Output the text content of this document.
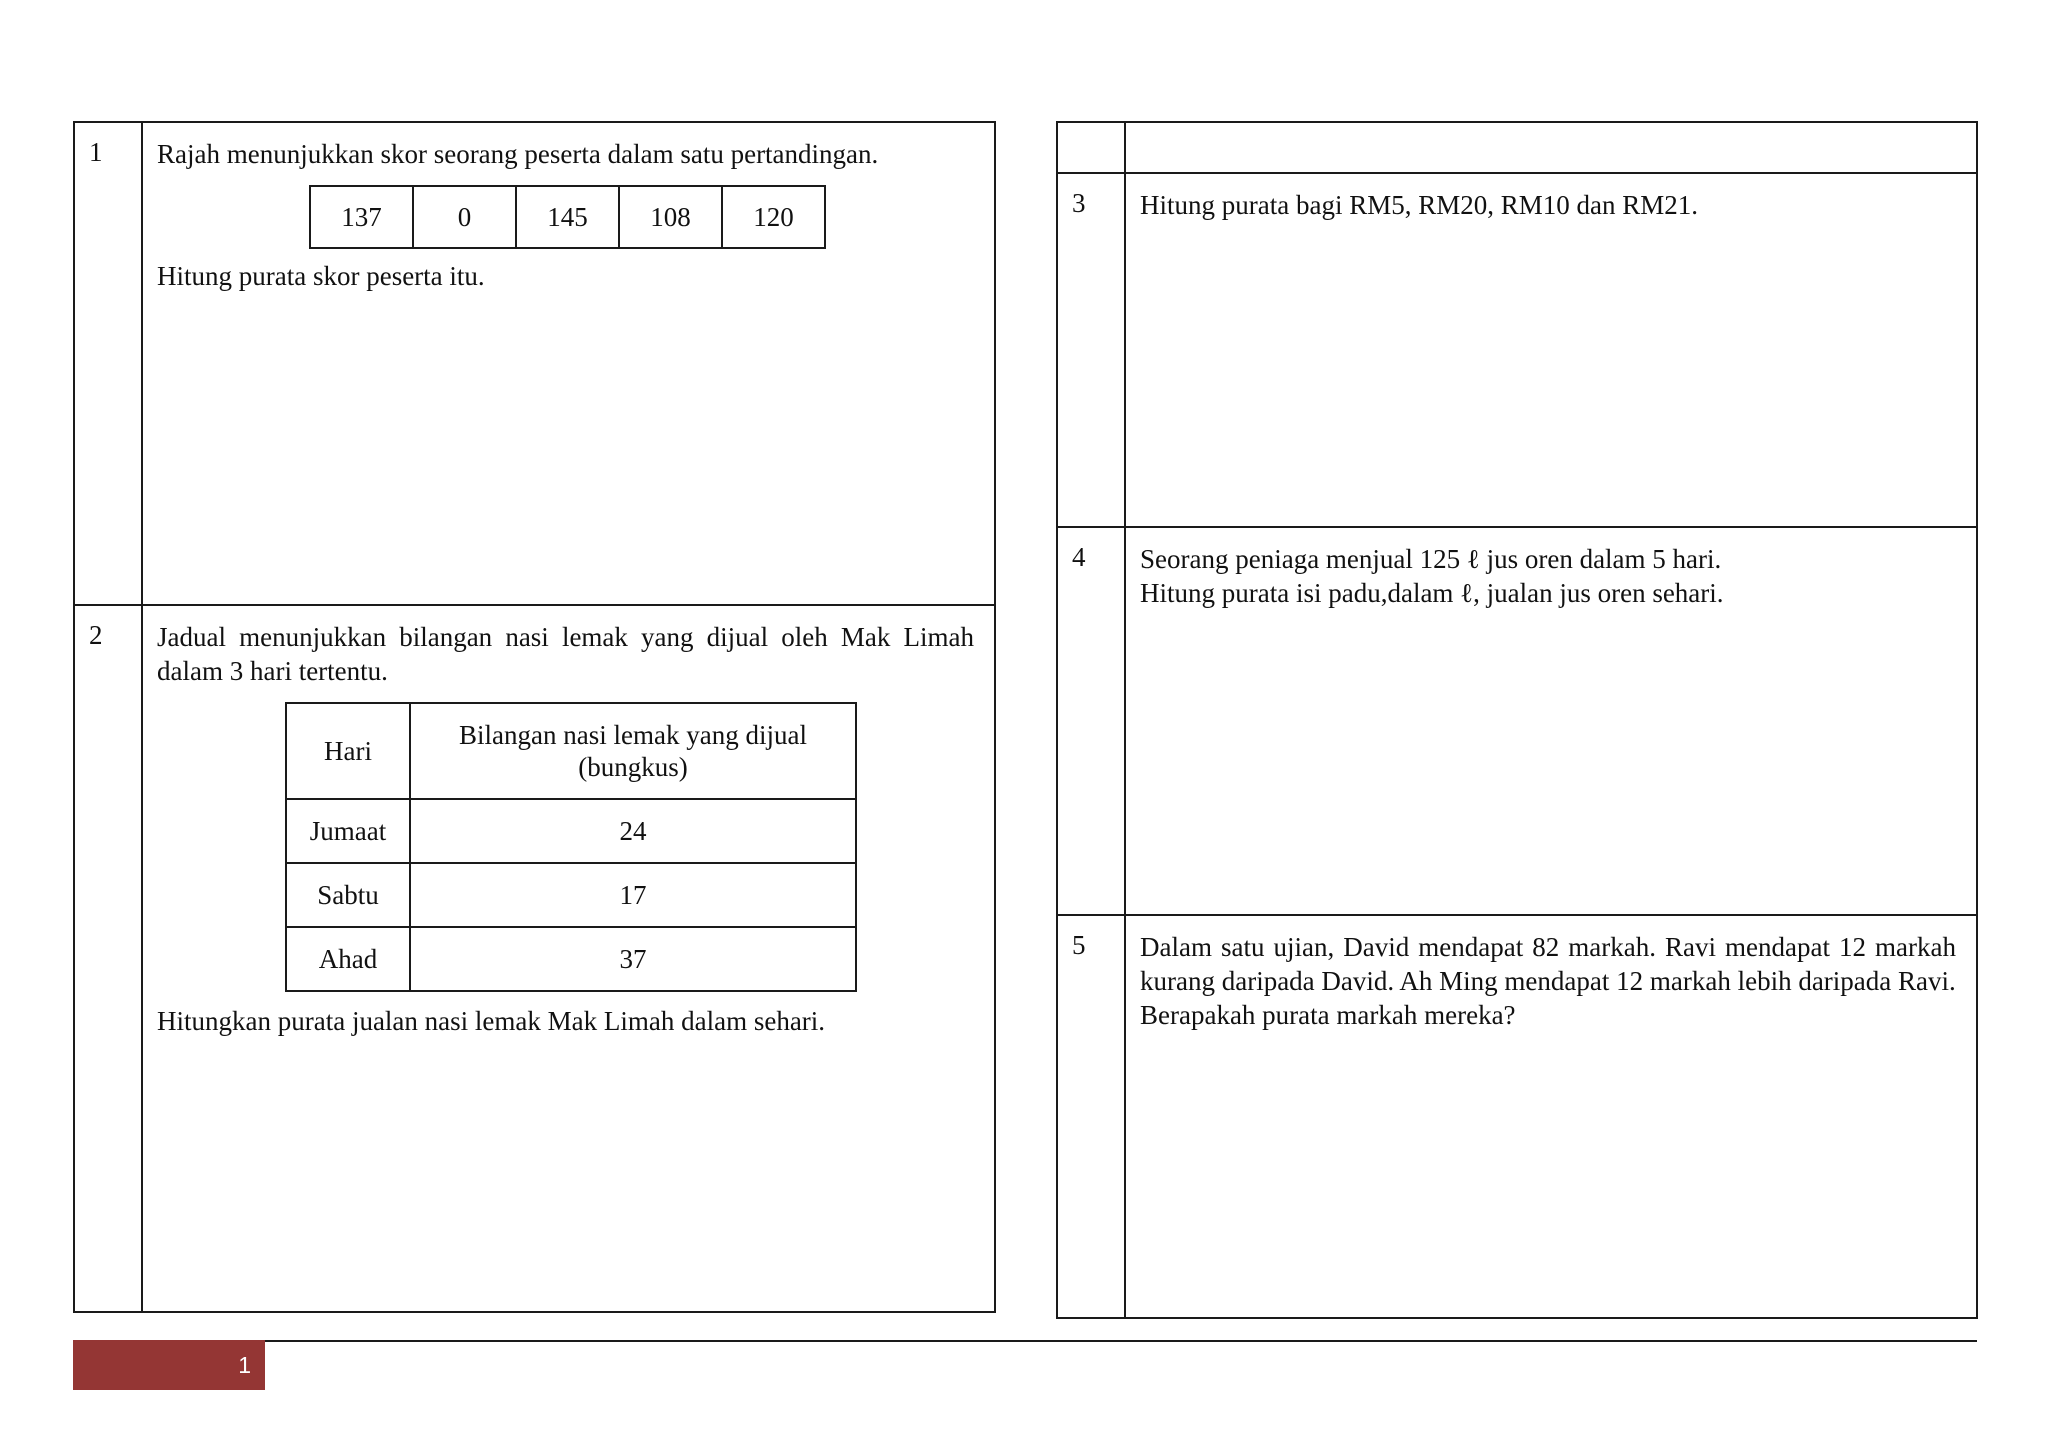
1 Rajah menunjukkan skor seorang peserta dalam satu pertandingan.

137	0	145	108	120

Hitung purata skor peserta itu.

2 Jadual menunjukkan bilangan nasi lemak yang dijual oleh Mak Limah dalam 3 hari tertentu.

Hari	Bilangan nasi lemak yang dijual
(bungkus)
Jumaat	24
Sabtu	17
Ahad	37

Hitungkan purata jualan nasi lemak Mak Limah dalam sehari.

3 Hitung purata bagi RM5, RM20, RM10 dan RM21.

4 Seorang peniaga menjual 125 ℓ jus oren dalam 5 hari.

Hitung purata isi padu,dalam ℓ, jualan jus oren sehari.

5 Dalam satu ujian, David mendapat 82 markah. Ravi mendapat 12 markah kurang daripada David. Ah Ming mendapat 12 markah lebih daripada Ravi.

Berapakah purata markah mereka?

1
